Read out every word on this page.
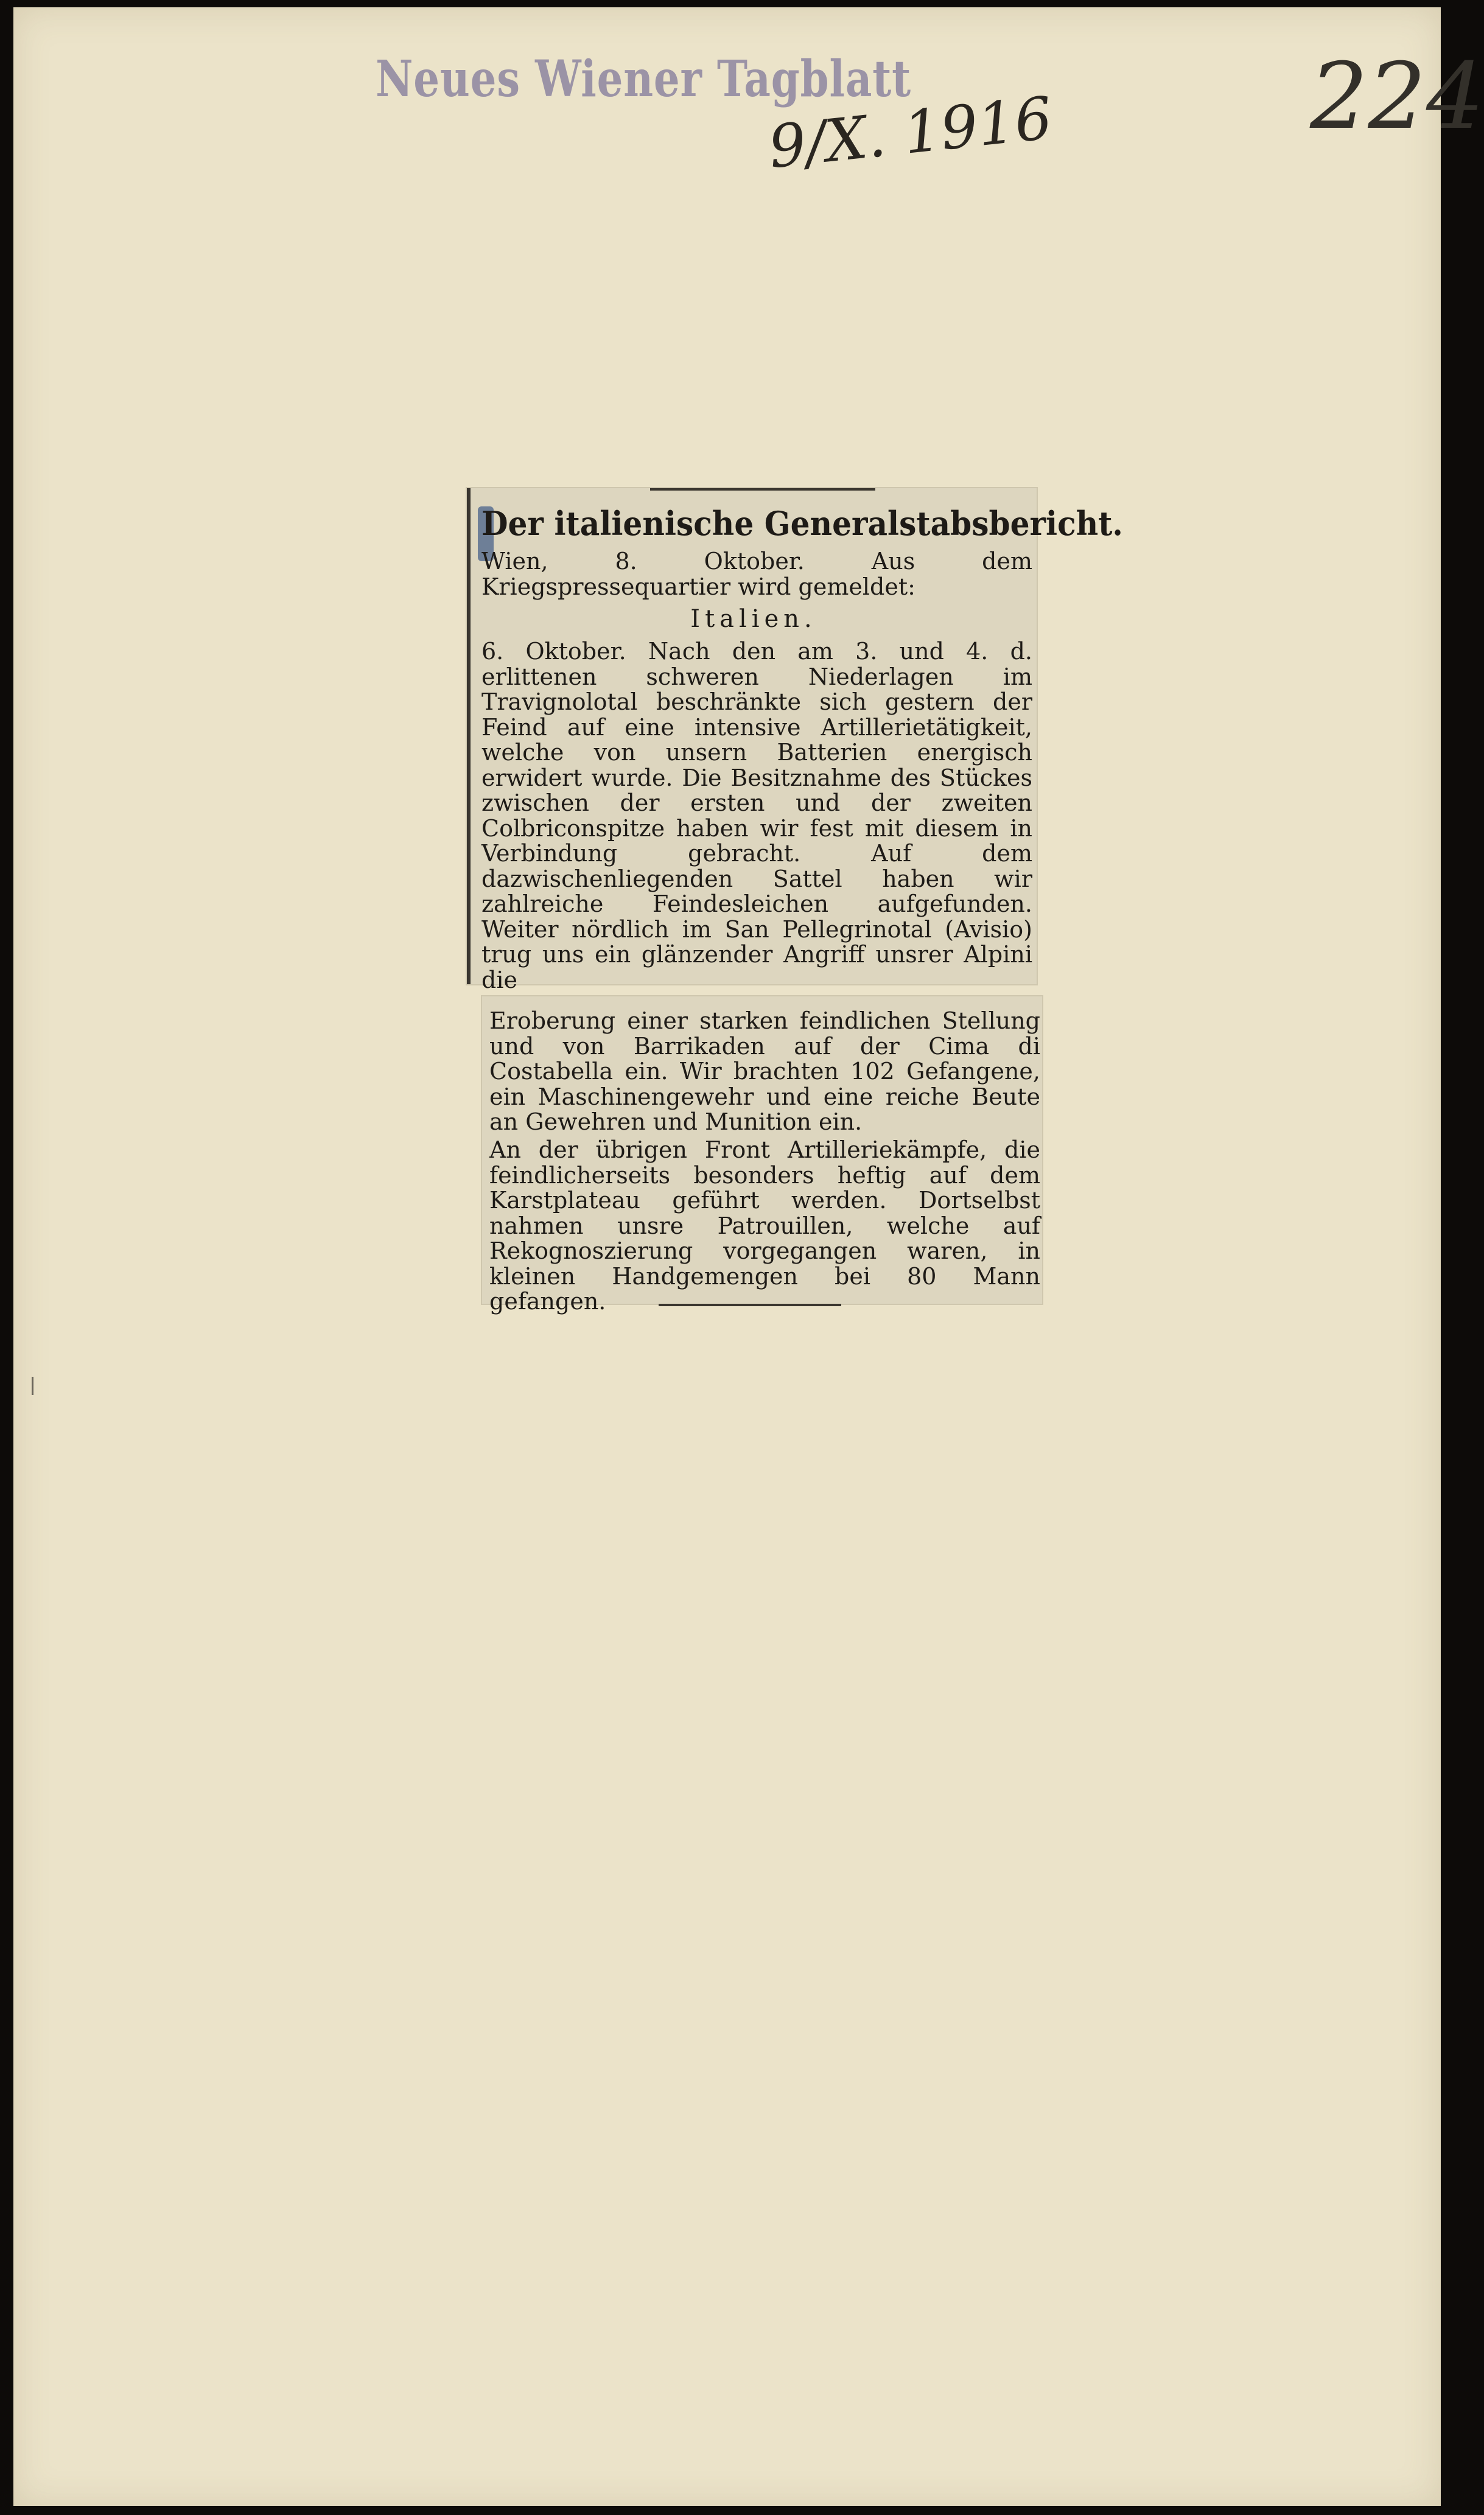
Neues Wiener Tagblatt
9/X. 1916	224
Der italienische Generalstabsbericht.
Wien, 8. Oktober. Aus dem Kriegspressequartier wird gemeldet:
Italien.
6. Oktober. Nach den am 3. und 4. d. erlittenen schweren Niederlagen im Travignolotal beschränkte sich gestern der Feind auf eine intensive Artillerietätigkeit, welche von unsern Batterien energisch erwidert wurde. Die Besitznahme des Stückes zwischen der ersten und der zweiten Colbriconspitze haben wir fest mit diesem in Verbindung gebracht. Auf dem dazwischenliegenden Sattel haben wir zahlreiche Feindesleichen aufgefunden. Weiter nördlich im San Pellegrinotal (Avisio) trug uns ein glänzender Angriff unsrer Alpini die
Eroberung einer starken feindlichen Stellung und von Barrikaden auf der Cima di Costabella ein. Wir brachten 102 Gefangene, ein Maschinengewehr und eine reiche Beute an Gewehren und Munition ein.
An der übrigen Front Artilleriekämpfe, die feindlicherseits besonders heftig auf dem Karstplateau geführt werden. Dortselbst nahmen unsre Patrouillen, welche auf Rekognoszierung vorgegangen waren, in kleinen Handgemengen bei 80 Mann gefangen.
